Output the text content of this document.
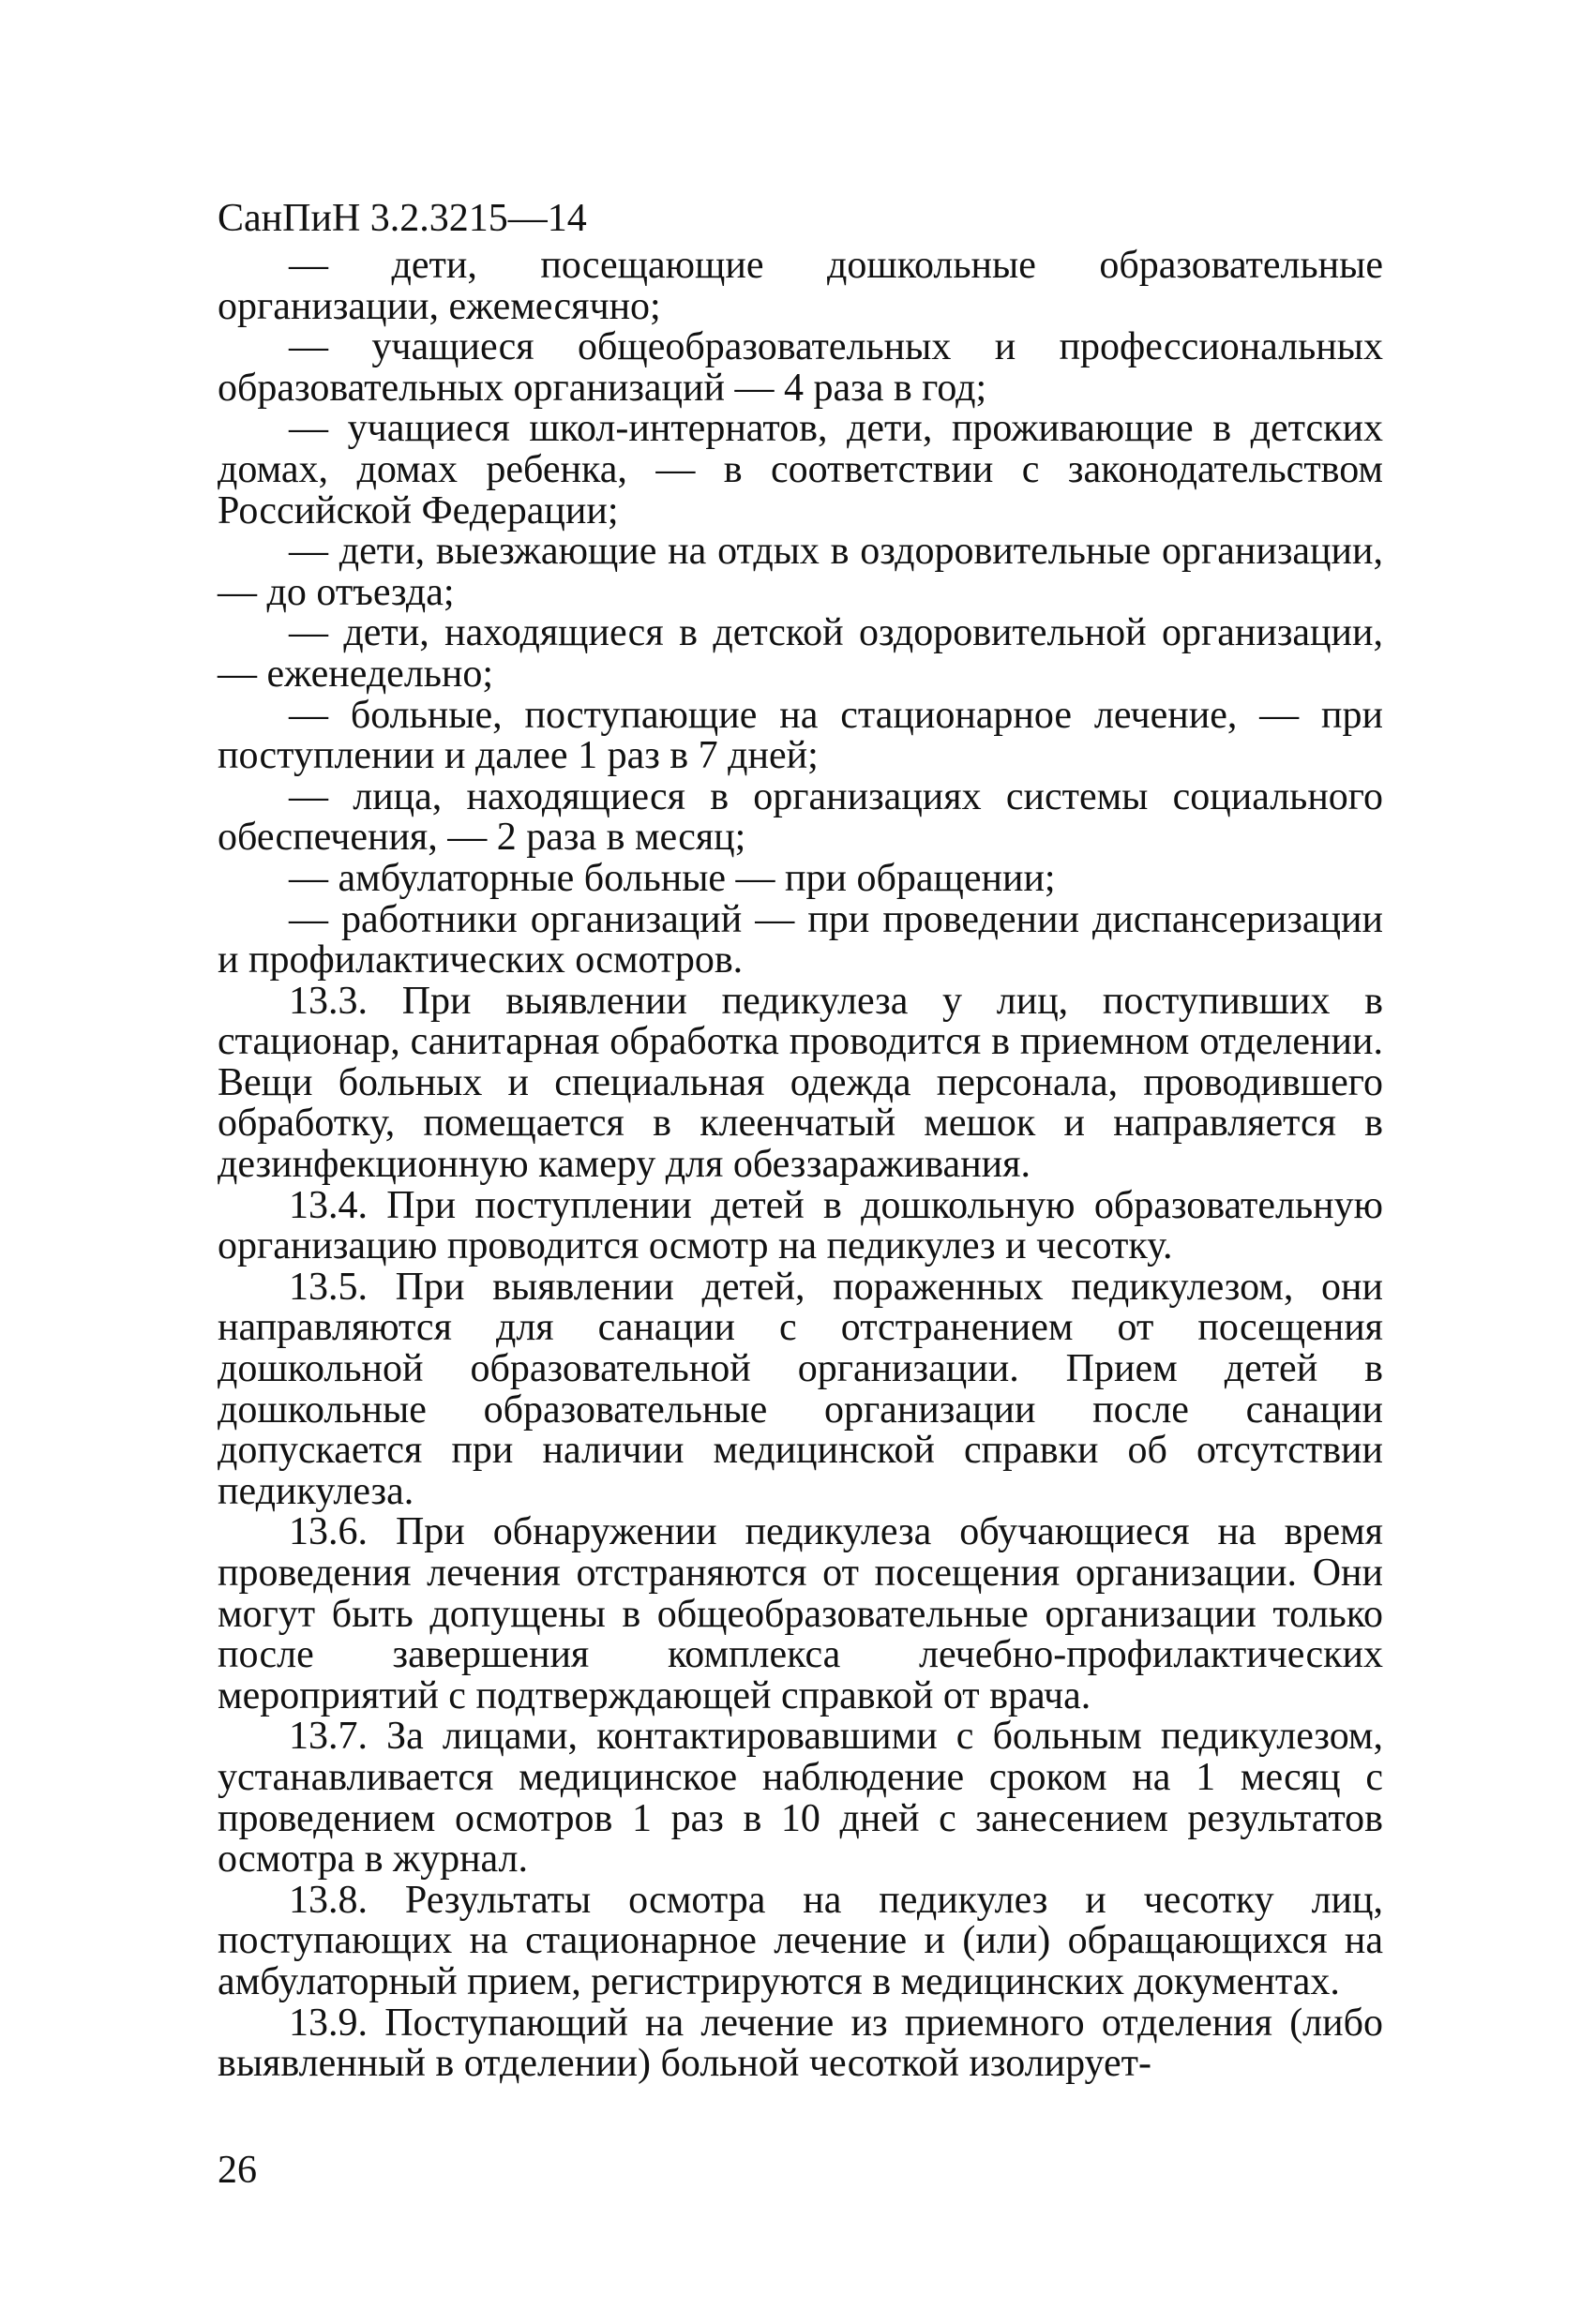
СанПиН 3.2.3215—14

— дети, посещающие дошкольные образовательные организации, ежемесячно;

— учащиеся общеобразовательных и профессиональных образовательных организаций — 4 раза в год;

— учащиеся школ-интернатов, дети, проживающие в детских домах, домах ребенка, — в соответствии с законодательством Российской Федерации;

— дети, выезжающие на отдых в оздоровительные организации, — до отъезда;

— дети, находящиеся в детской оздоровительной организации, — еженедельно;

— больные, поступающие на стационарное лечение, — при поступлении и далее 1 раз в 7 дней;

— лица, находящиеся в организациях системы социального обеспечения, — 2 раза в месяц;

— амбулаторные больные — при обращении;

— работники организаций — при проведении диспансеризации и профилактических осмотров.

13.3. При выявлении педикулеза у лиц, поступивших в стационар, санитарная обработка проводится в приемном отделении. Вещи больных и специальная одежда персонала, проводившего обработку, помещается в клеенчатый мешок и направляется в дезинфекционную камеру для обеззараживания.

13.4. При поступлении детей в дошкольную образовательную организацию проводится осмотр на педикулез и чесотку.

13.5. При выявлении детей, пораженных педикулезом, они направляются для санации с отстранением от посещения дошкольной образовательной организации. Прием детей в дошкольные образовательные организации после санации допускается при наличии медицинской справки об отсутствии педикулеза.

13.6. При обнаружении педикулеза обучающиеся на время проведения лечения отстраняются от посещения организации. Они могут быть допущены в общеобразовательные организации только после завершения комплекса лечебно-профилактических мероприятий с подтверждающей справкой от врача.

13.7. За лицами, контактировавшими с больным педикулезом, устанавливается медицинское наблюдение сроком на 1 месяц с проведением осмотров 1 раз в 10 дней с занесением результатов осмотра в журнал.

13.8. Результаты осмотра на педикулез и чесотку лиц, поступающих на стационарное лечение и (или) обращающихся на амбулаторный прием, регистрируются в медицинских документах.

13.9. Поступающий на лечение из приемного отделения (либо выявленный в отделении) больной чесоткой изолирует-

26
